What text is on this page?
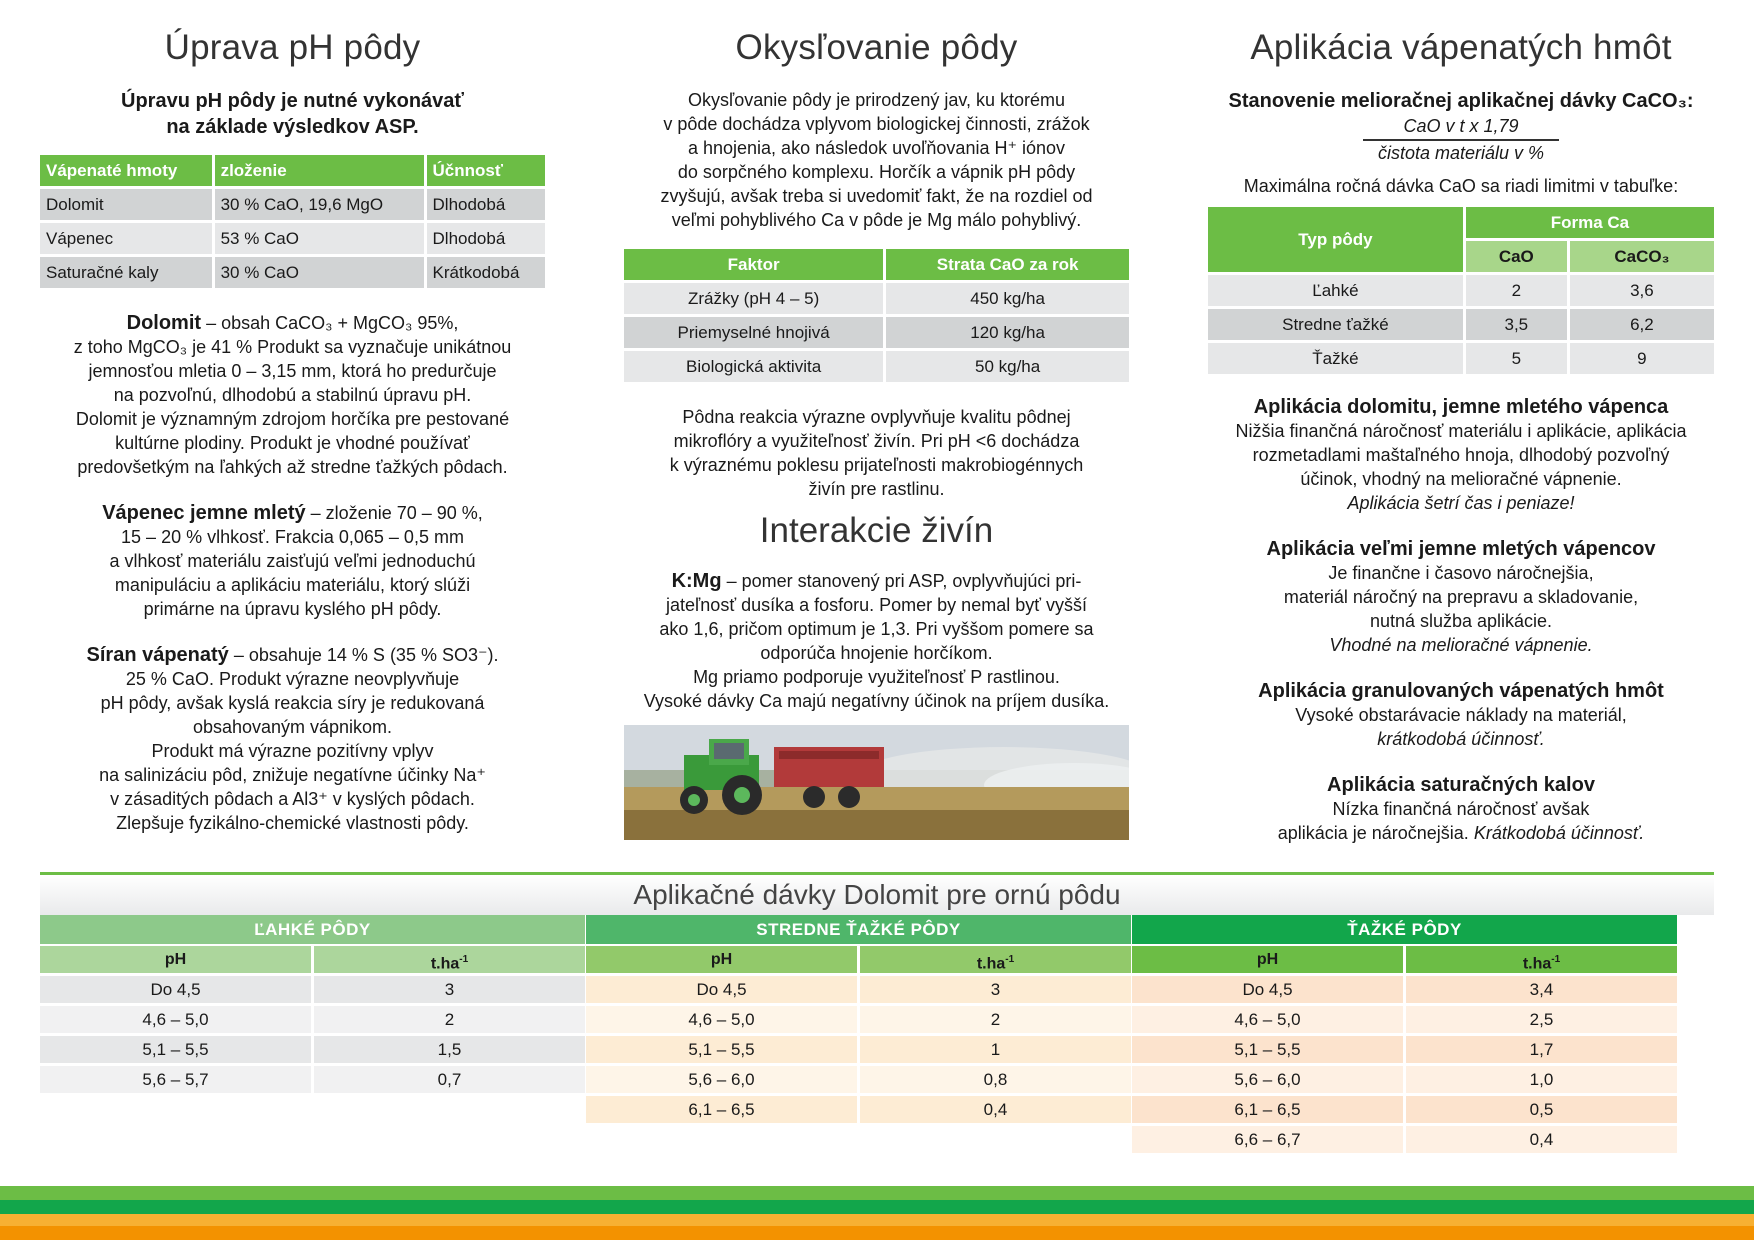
Úprava pH pôdy

Úpravu pH pôdy je nutné vykonávať
na základe výsledkov ASP.

Vápenaté hmoty	zloženie	Účnnosť
Dolomit	30 % CaO, 19,6 MgO	Dlhodobá
Vápenec	53 % CaO	Dlhodobá
Saturačné kaly	30 % CaO	Krátkodobá

Dolomit – obsah CaCO₃ + MgCO₃ 95%,
z toho MgCO₃ je 41 % Produkt sa vyznačuje unikátnou
jemnosťou mletia 0 – 3,15 mm, ktorá ho predurčuje
na pozvoľnú, dlhodobú a stabilnú úpravu pH.
Dolomit je významným zdrojom horčíka pre pestované
kultúrne plodiny. Produkt je vhodné používať
predovšetkým na ľahkých až stredne ťažkých pôdach.

Vápenec jemne mletý – zloženie 70 – 90 %,
15 – 20 % vlhkosť. Frakcia 0,065 – 0,5 mm
a vlhkosť materiálu zaisťujú veľmi jednoduchú
manipuláciu a aplikáciu materiálu, ktorý slúži
primárne na úpravu kyslého pH pôdy.

Síran vápenatý – obsahuje 14 % S (35 % SO3⁻).
25 % CaO. Produkt výrazne neovplyvňuje
pH pôdy, avšak kyslá reakcia síry je redukovaná
obsahovaným vápnikom.
Produkt má výrazne pozitívny vplyv
na salinizáciu pôd, znižuje negatívne účinky Na⁺
v zásaditých pôdach a Al3⁺ v kyslých pôdach.
Zlepšuje fyzikálno-chemické vlastnosti pôdy.

Okysľovanie pôdy

Okysľovanie pôdy je prirodzený jav, ku ktorému
v pôde dochádza vplyvom biologickej činnosti, zrážok
a hnojenia, ako následok uvoľňovania H⁺ iónov
do sorpčného komplexu. Horčík a vápnik pH pôdy
zvyšujú, avšak treba si uvedomiť fakt, že na rozdiel od
veľmi pohyblivého Ca v pôde je Mg málo pohyblivý.

Faktor	Strata CaO za rok
Zrážky (pH 4 – 5)	450 kg/ha
Priemyselné hnojivá	120 kg/ha
Biologická aktivita	50 kg/ha

Pôdna reakcia výrazne ovplyvňuje kvalitu pôdnej
mikroflóry a využiteľnosť živín. Pri pH <6 dochádza
k výraznému poklesu prijateľnosti makrobiogénnych
živín pre rastlinu.

Interakcie živín

K:Mg – pomer stanovený pri ASP, ovplyvňujúci pri-
jateľnosť dusíka a fosforu. Pomer by nemal byť vyšší
ako 1,6, pričom optimum je 1,3. Pri vyššom pomere sa
odporúča hnojenie horčíkom.
Mg priamo podporuje využiteľnosť P rastlinou.
Vysoké dávky Ca majú negatívny účinok na príjem dusíka.

Aplikácia vápenatých hmôt

Stanovenie melioračnej aplikačnej dávky CaCO₃:

$\frac{\text{CaO v t x 1,79}}{\text{čistota materiálu v \%}}$

Maximálna ročná dávka CaO sa riadi limitmi v tabuľke:

Typ pôdy	Forma Ca	
	CaO	CaCO₃
Ľahké	2	3,6
Stredne ťažké	3,5	6,2
Ťažké	5	9

Aplikácia dolomitu, jemne mletého vápenca
Nižšia finančná náročnosť materiálu i aplikácie, aplikácia
rozmetadlami maštaľného hnoja, dlhodobý pozvoľný
účinok, vhodný na melioračné vápnenie.
Aplikácia šetrí čas i peniaze!

Aplikácia veľmi jemne mletých vápencov
Je finančne i časovo náročnejšia,
materiál náročný na prepravu a skladovanie,
nutná služba aplikácie.
Vhodné na melioračné vápnenie.

Aplikácia granulovaných vápenatých hmôt
Vysoké obstarávacie náklady na materiál,
krátkodobá účinnosť.

Aplikácia saturačných kalov
Nízka finančná náročnosť avšak
aplikácia je náročnejšia. Krátkodobá účinnosť.

Aplikačné dávky Dolomit pre ornú pôdu
ĽAHKÉ PÔDY
pH	$t.ha^{-1}$
Do 4,5	3
4,6 – 5,0	2
5,1 – 5,5	1,5
5,6 – 5,7	0,7
STREDNE ŤAŽKÉ PÔDY
pH	$t.ha^{-1}$
Do 4,5	3
4,6 – 5,0	2
5,1 – 5,5	1
5,6 – 6,0	0,8
6,1 – 6,5	0,4
ŤAŽKÉ PÔDY
pH	$t.ha^{-1}$
Do 4,5	3,4
4,6 – 5,0	2,5
5,1 – 5,5	1,7
5,6 – 6,0	1,0
6,1 – 6,5	0,5
6,6 – 6,7	0,4
